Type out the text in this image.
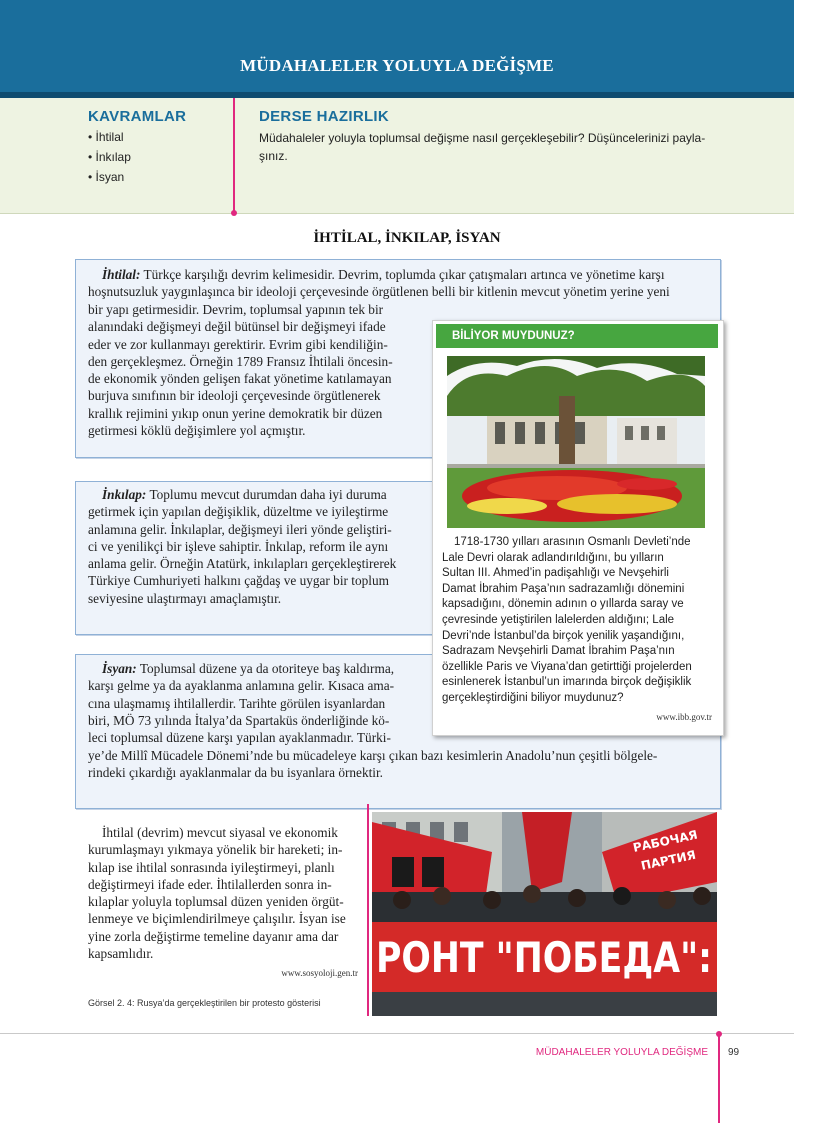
MÜDAHALELER YOLUYLA DEĞİŞME
KAVRAMLAR
• İhtilal
• İnkılap
• İsyan
DERSE HAZIRLIK
Müdahaleler yoluyla toplumsal değişme nasıl gerçekleşebilir? Düşüncelerinizi payla-
şınız.
İHTİLAL, İNKILAP, İSYAN
İhtilal: Türkçe karşılığı devrim kelimesidir. Devrim, toplumda çıkar çatışmaları artınca ve yönetime karşı
hoşnutsuzluk yaygınlaşınca bir ideoloji çerçevesinde örgütlenen belli bir kitlenin mevcut yönetim yerine yeni
bir yapı getirmesidir. Devrim, toplumsal yapının tek bir
alanındaki değişmeyi değil bütünsel bir değişmeyi ifade
eder ve zor kullanmayı gerektirir. Evrim gibi kendiliğin-
den gerçekleşmez. Örneğin 1789 Fransız İhtilali öncesin-
de ekonomik yönden gelişen fakat yönetime katılamayan
burjuva sınıfının bir ideoloji çerçevesinde örgütlenerek
krallık rejimini yıkıp onun yerine demokratik bir düzen
getirmesi köklü değişimlere yol açmıştır.
İnkılap: Toplumu mevcut durumdan daha iyi duruma
getirmek için yapılan değişiklik, düzeltme ve iyileştirme
anlamına gelir. İnkılaplar, değişmeyi ileri yönde geliştiri-
ci ve yenilikçi bir işleve sahiptir. İnkılap, reform ile aynı
anlama gelir. Örneğin Atatürk, inkılapları gerçekleştirerek
Türkiye Cumhuriyeti halkını çağdaş ve uygar bir toplum
seviyesine ulaştırmayı amaçlamıştır.
İsyan: Toplumsal düzene ya da otoriteye baş kaldırma,
karşı gelme ya da ayaklanma anlamına gelir. Kısaca ama-
cına ulaşmamış ihtilallerdir. Tarihte görülen isyanlardan
biri, MÖ 73 yılında İtalya’da Spartaküs önderliğinde kö-
leci toplumsal düzene karşı yapılan ayaklanmadır. Türki-
ye’de Millî Mücadele Dönemi’nde bu mücadeleye karşı çıkan bazı kesimlerin Anadolu’nun çeşitli bölgele-
rindeki çıkardığı ayaklanmalar da bu isyanlara örnektir.
BİLİYOR MUYDUNUZ?
1718-1730 yılları arasının Osmanlı Devleti’nde
Lale Devri olarak adlandırıldığını, bu yılların
Sultan III. Ahmed’in padişahlığı ve Nevşehirli
Damat İbrahim Paşa’nın sadrazamlığı dönemini
kapsadığını, dönemin adının o yıllarda saray ve
çevresinde yetiştirilen lalelerden aldığını; Lale
Devri’nde İstanbul’da birçok yenilik yaşandığını,
Sadrazam Nevşehirli Damat İbrahim Paşa’nın
özellikle Paris ve Viyana’dan getirttiği projelerden
esinlenerek İstanbul’un imarında birçok değişiklik
gerçekleştirdiğini biliyor muydunuz?
www.ibb.gov.tr
İhtilal (devrim) mevcut siyasal ve ekonomik
kurumlaşmayı yıkmaya yönelik bir hareketi; in-
kılap ise ihtilal sonrasında iyileştirmeyi, planlı
değiştirmeyi ifade eder. İhtilallerden sonra in-
kılaplar yoluyla toplumsal düzen yeniden örgüt-
lenmeye ve biçimlendirilmeye çalışılır. İsyan ise
yine zorla değiştirme temeline dayanır ama dar
kapsamlıdır.
www.sosyoloji.gen.tr
Görsel 2. 4: Rusya’da gerçekleştirilen bir protesto gösterisi
РАБОЧАЯ
ПАРТИЯ
РОНТ "ПОБЕДА":
MÜDAHALELER YOLUYLA DEĞİŞME 99
